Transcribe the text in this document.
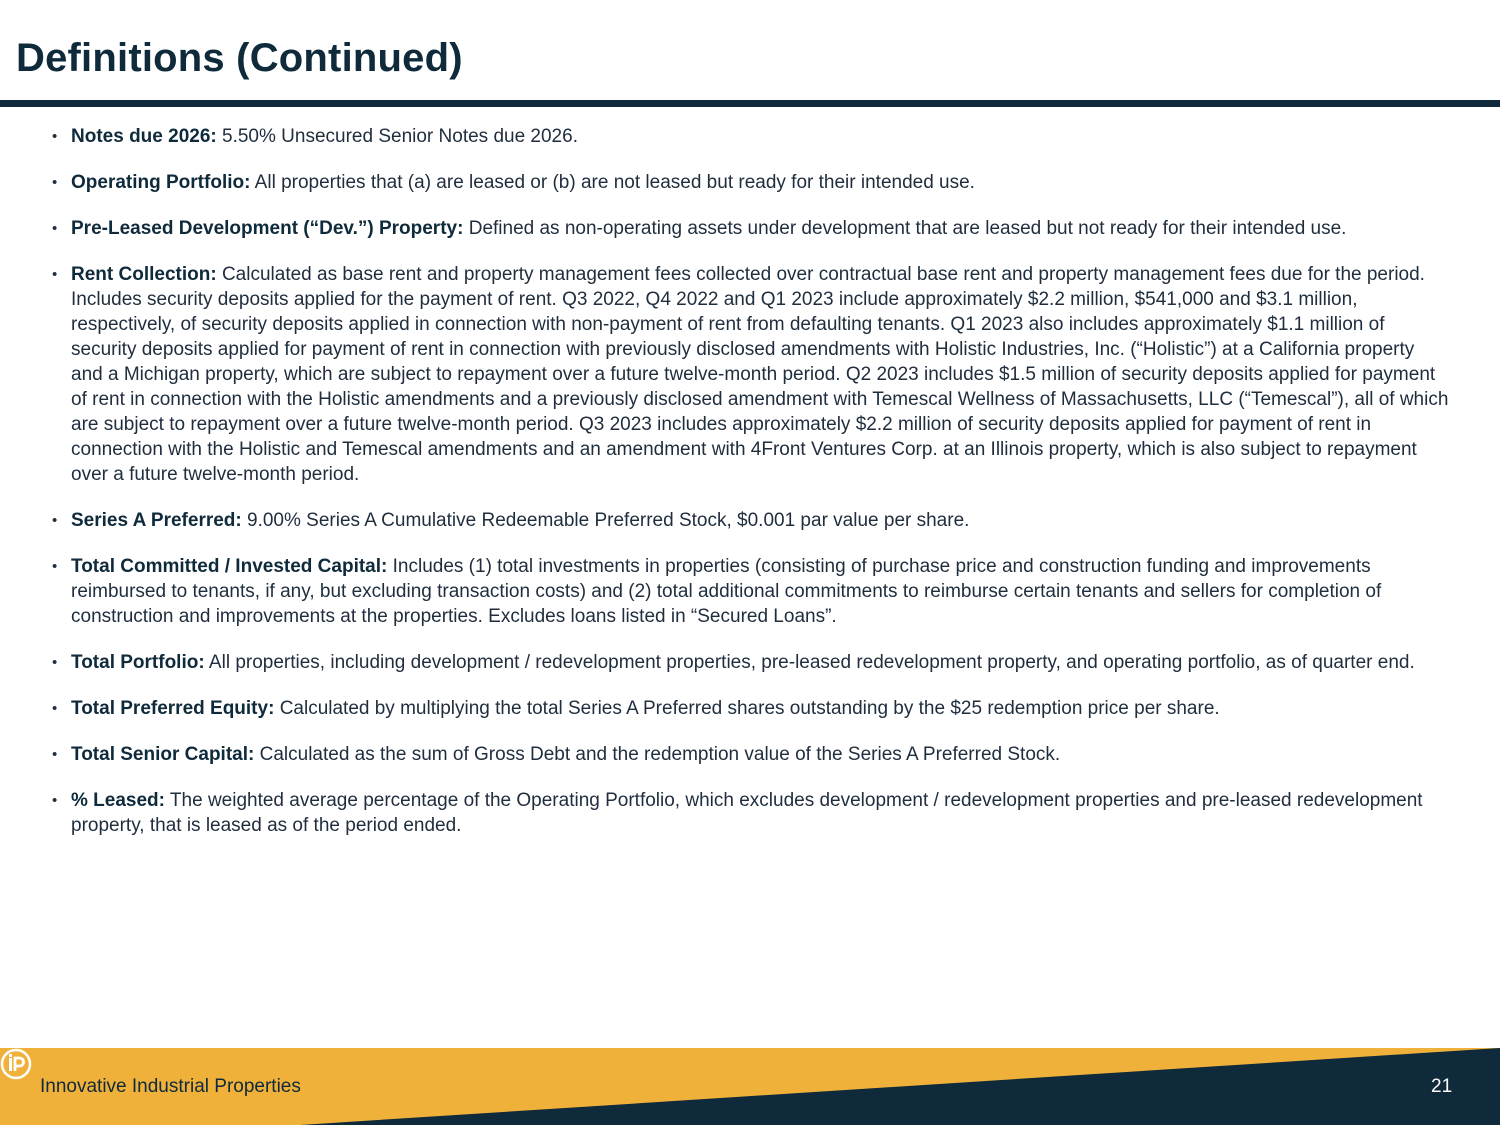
Definitions (Continued)
• Notes due 2026: 5.50% Unsecured Senior Notes due 2026.
• Operating Portfolio: All properties that (a) are leased or (b) are not leased but ready for their intended use.
• Pre-Leased Development (“Dev.”) Property: Defined as non-operating assets under development that are leased but not ready for their intended use.
• Rent Collection: Calculated as base rent and property management fees collected over contractual base rent and property management fees due for the period. Includes security deposits applied for the payment of rent. Q3 2022, Q4 2022 and Q1 2023 include approximately $2.2 million, $541,000 and $3.1 million, respectively, of security deposits applied in connection with non-payment of rent from defaulting tenants. Q1 2023 also includes approximately $1.1 million of security deposits applied for payment of rent in connection with previously disclosed amendments with Holistic Industries, Inc. (“Holistic”) at a California property and a Michigan property, which are subject to repayment over a future twelve-month period. Q2 2023 includes $1.5 million of security deposits applied for payment of rent in connection with the Holistic amendments and a previously disclosed amendment with Temescal Wellness of Massachusetts, LLC (“Temescal”), all of which are subject to repayment over a future twelve-month period. Q3 2023 includes approximately $2.2 million of security deposits applied for payment of rent in connection with the Holistic and Temescal amendments and an amendment with 4Front Ventures Corp. at an Illinois property, which is also subject to repayment over a future twelve-month period.
• Series A Preferred: 9.00% Series A Cumulative Redeemable Preferred Stock, $0.001 par value per share.
• Total Committed / Invested Capital: Includes (1) total investments in properties (consisting of purchase price and construction funding and improvements reimbursed to tenants, if any, but excluding transaction costs) and (2) total additional commitments to reimburse certain tenants and sellers for completion of construction and improvements at the properties. Excludes loans listed in “Secured Loans”.
• Total Portfolio: All properties, including development / redevelopment properties, pre-leased redevelopment property, and operating portfolio, as of quarter end.
• Total Preferred Equity: Calculated by multiplying the total Series A Preferred shares outstanding by the $25 redemption price per share.
• Total Senior Capital: Calculated as the sum of Gross Debt and the redemption value of the Series A Preferred Stock.
• % Leased: The weighted average percentage of the Operating Portfolio, which excludes development / redevelopment properties and pre-leased redevelopment property, that is leased as of the period ended.
Innovative Industrial Properties	21
